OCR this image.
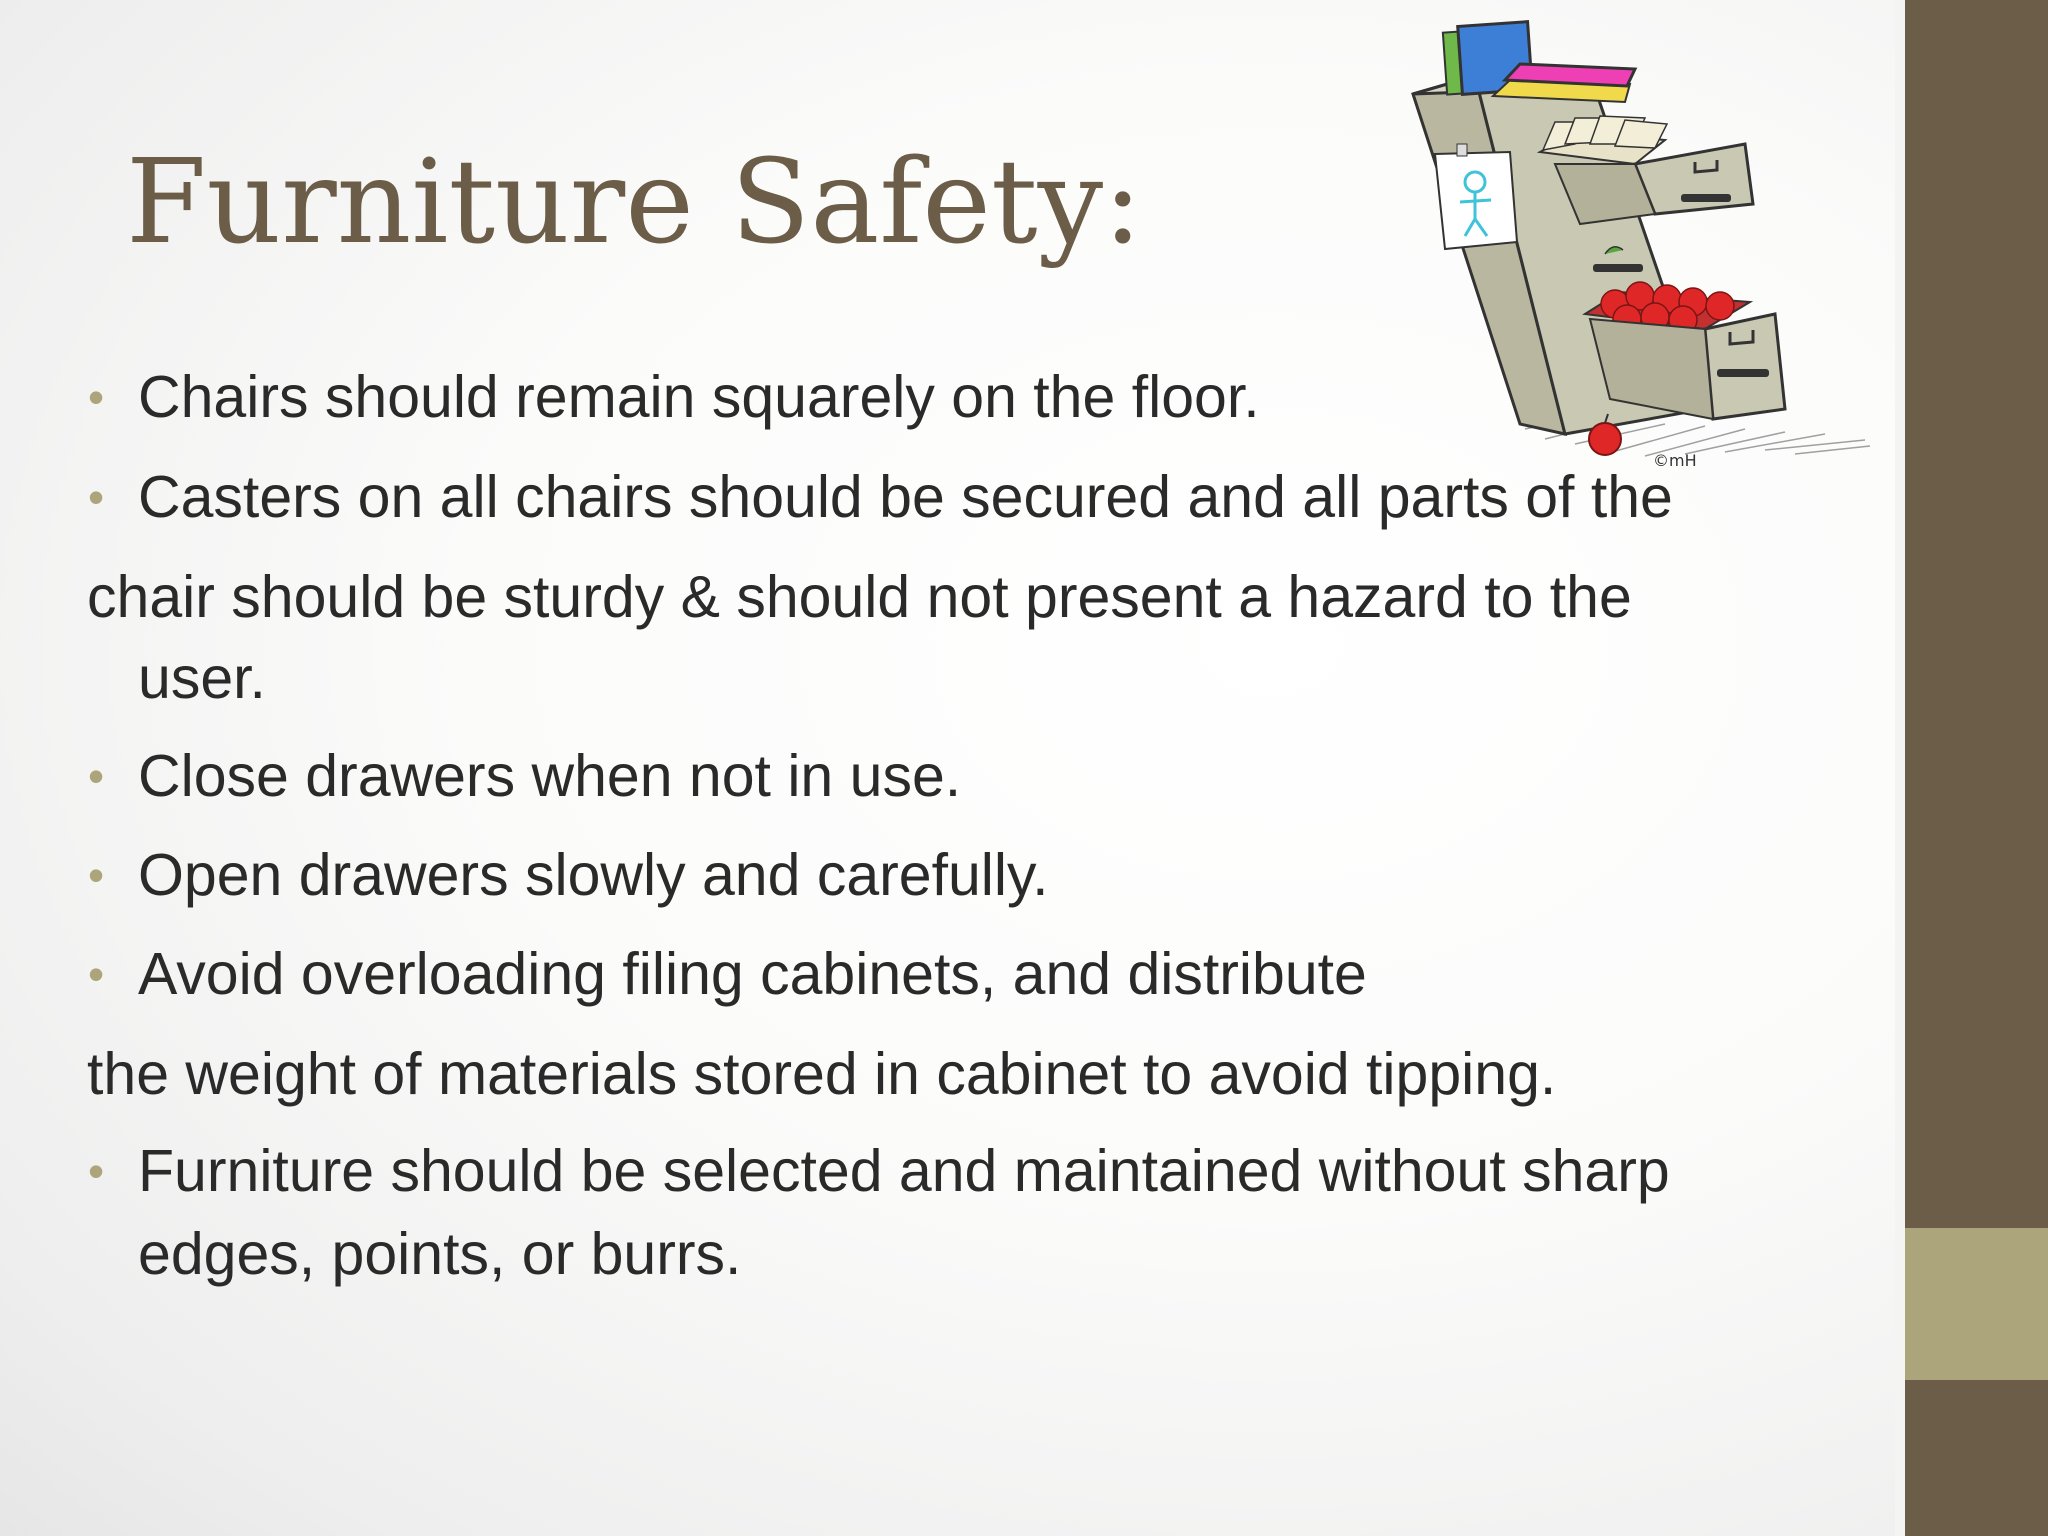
Furniture Safety:
©mH
• Chairs should remain squarely on the floor.
• Casters on all chairs should be secured and all parts of the
chair should be sturdy & should not present a hazard to the
user.
• Close drawers when not in use.
• Open drawers slowly and carefully.
• Avoid overloading filing cabinets, and distribute
the weight of materials stored in cabinet to avoid tipping.
• Furniture should be selected and maintained without sharp
edges, points, or burrs.
